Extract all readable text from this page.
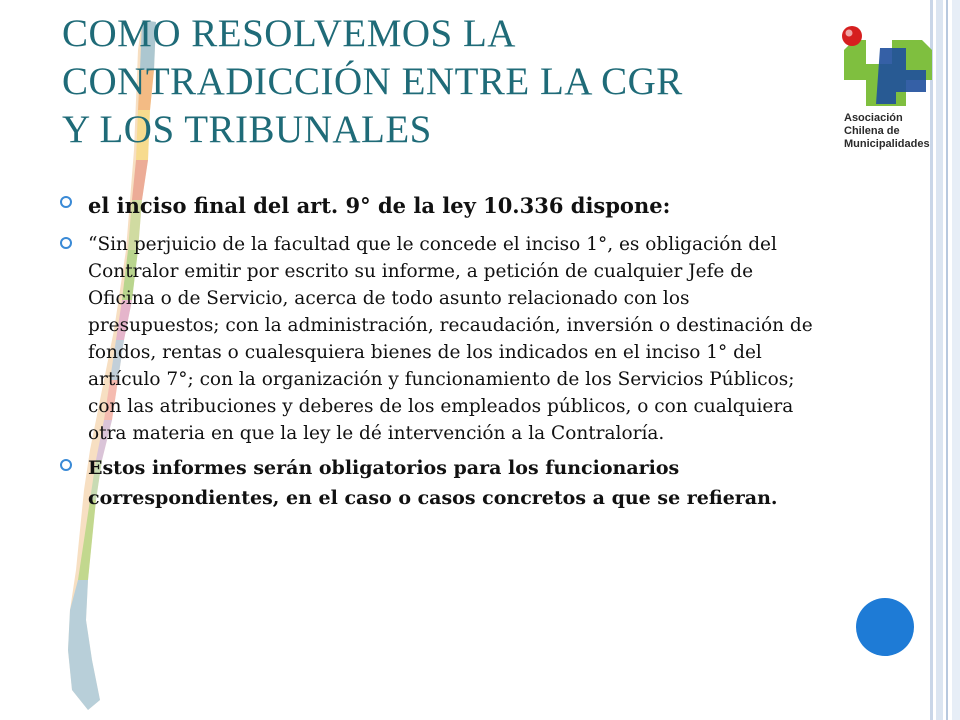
COMO RESOLVEMOS LA
CONTRADICCIÓN ENTRE LA CGR
Y LOS TRIBUNALES	Asociación
Chilena de
Municipalidades
el inciso final del art. 9° de la ley 10.336 dispone:
“Sin perjuicio de la facultad que le concede el inciso 1°, es obligación del Contralor emitir por escrito su informe, a petición de cualquier Jefe de Oficina o de Servicio, acerca de todo asunto relacionado con los presupuestos; con la administración, recaudación, inversión o destinación de fondos, rentas o cualesquiera bienes de los indicados en el inciso 1° del artículo 7°; con la organización y funcionamiento de los Servicios Públicos; con las atribuciones y deberes de los empleados públicos, o con cualquiera otra materia en que la ley le dé intervención a la Contraloría.
Estos informes serán obligatorios para los funcionarios correspondientes, en el caso o casos concretos a que se refieran.
